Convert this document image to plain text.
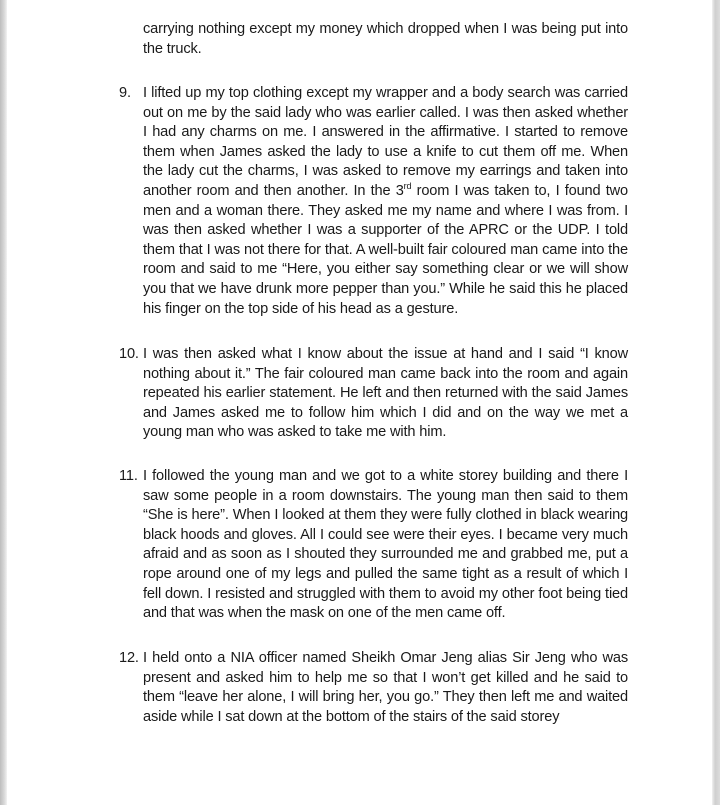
carrying nothing except my money which dropped when I was being put into the truck.

9. I lifted up my top clothing except my wrapper and a body search was carried out on me by the said lady who was earlier called. I was then asked whether I had any charms on me. I answered in the affirmative. I started to remove them when James asked the lady to use a knife to cut them off me. When the lady cut the charms, I was asked to remove my earrings and taken into another room and then another. In the 3rd room I was taken to, I found two men and a woman there. They asked me my name and where I was from. I was then asked whether I was a supporter of the APRC or the UDP. I told them that I was not there for that. A well-built fair coloured man came into the room and said to me “Here, you either say something clear or we will show you that we have drunk more pepper than you.” While he said this he placed his finger on the top side of his head as a gesture.

10. I was then asked what I know about the issue at hand and I said “I know nothing about it.” The fair coloured man came back into the room and again repeated his earlier statement. He left and then returned with the said James and James asked me to follow him which I did and on the way we met a young man who was asked to take me with him.

11. I followed the young man and we got to a white storey building and there I saw some people in a room downstairs. The young man then said to them “She is here”. When I looked at them they were fully clothed in black wearing black hoods and gloves. All I could see were their eyes. I became very much afraid and as soon as I shouted they surrounded me and grabbed me, put a rope around one of my legs and pulled the same tight as a result of which I fell down. I resisted and struggled with them to avoid my other foot being tied and that was when the mask on one of the men came off.

12. I held onto a NIA officer named Sheikh Omar Jeng alias Sir Jeng who was present and asked him to help me so that I won’t get killed and he said to them “leave her alone, I will bring her, you go.” They then left me and waited aside while I sat down at the bottom of the stairs of the said storey
